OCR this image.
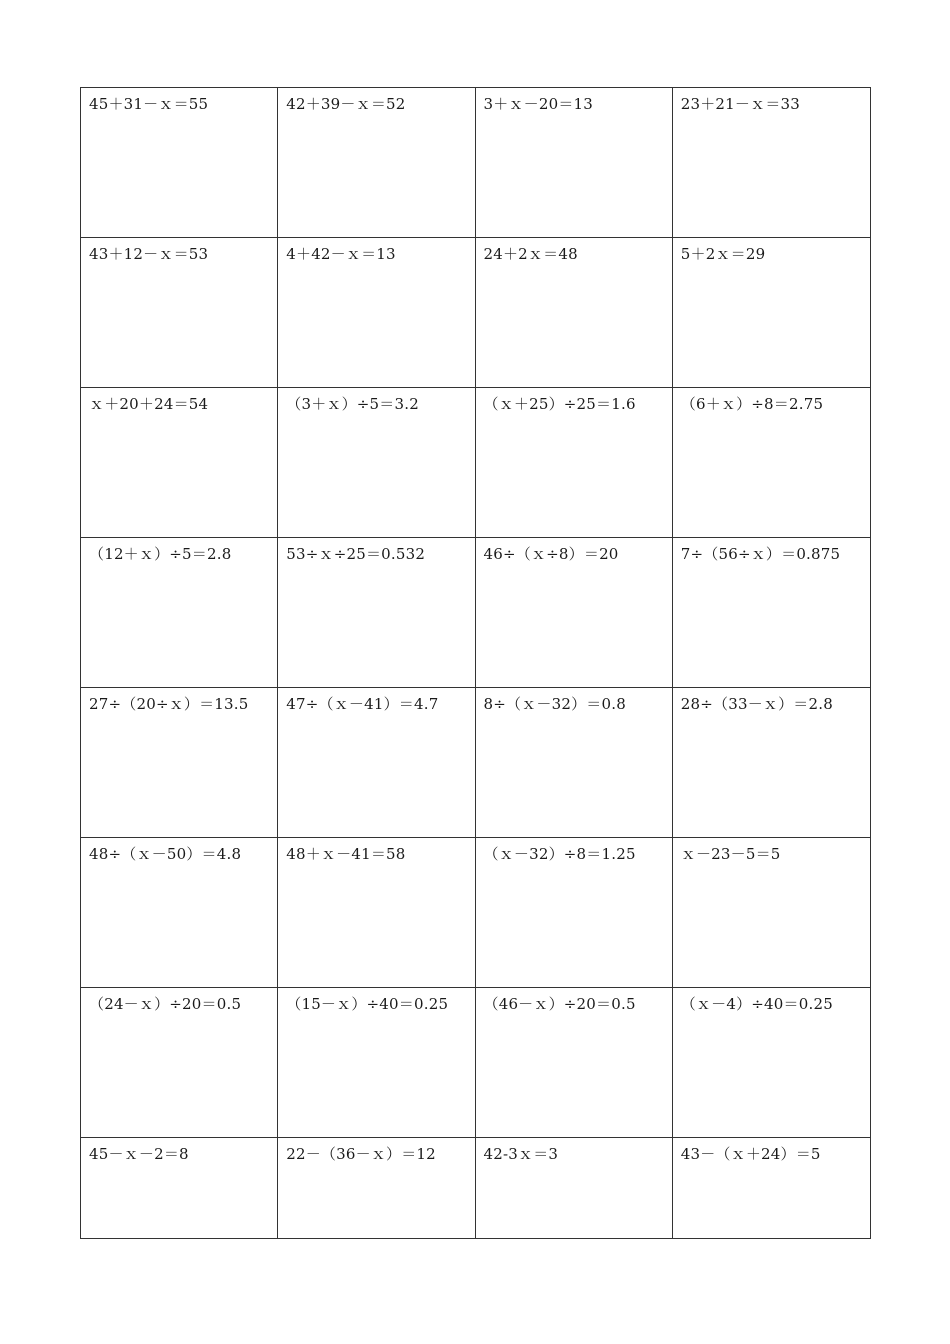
45＋31－ｘ＝55	42＋39－ｘ＝52	3＋ｘ－20＝13	23＋21－ｘ＝33
43＋12－ｘ＝53	4＋42－ｘ＝13	24＋2ｘ＝48	5＋2ｘ＝29
ｘ＋20＋24＝54	（3＋ｘ）÷5＝3.2	（ｘ＋25）÷25＝1.6	（6＋ｘ）÷8＝2.75
（12＋ｘ）÷5＝2.8	53÷ｘ÷25＝0.532	46÷（ｘ÷8）＝20	7÷（56÷ｘ）＝0.875
27÷（20÷ｘ）＝13.5	47÷（ｘ－41）＝4.7	8÷（ｘ－32）＝0.8	28÷（33－ｘ）＝2.8
48÷（ｘ－50）＝4.8	48＋ｘ－41＝58	（ｘ－32）÷8＝1.25	ｘ－23－5＝5
（24－ｘ）÷20＝0.5	（15－ｘ）÷40＝0.25	（46－ｘ）÷20＝0.5	（ｘ－4）÷40＝0.25
45－ｘ－2＝8	22－（36－ｘ）＝12	42-3ｘ＝3	43－（ｘ＋24）＝5
